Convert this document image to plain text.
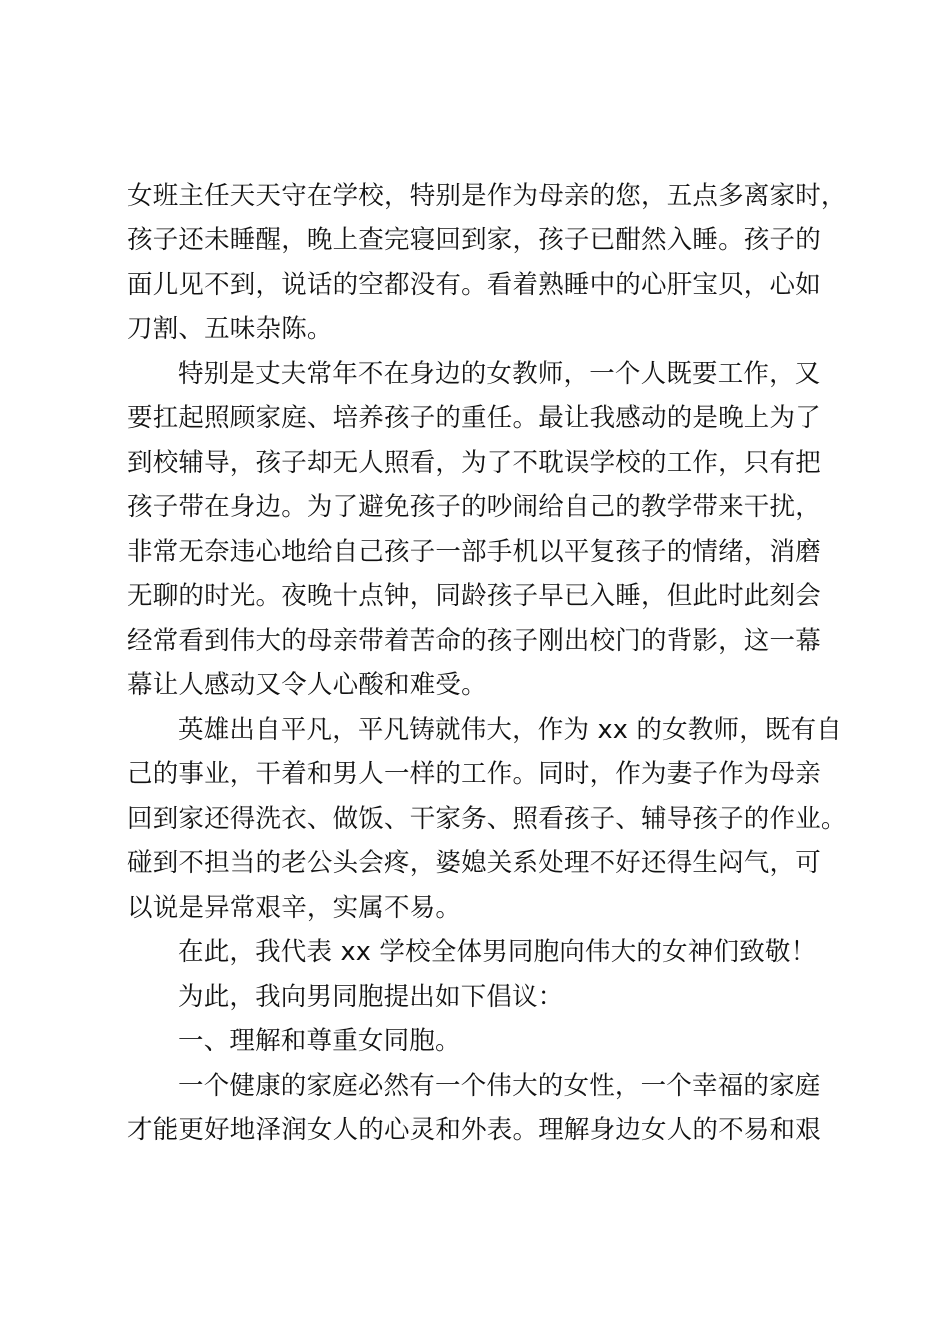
女班主任天天守在学校，特别是作为母亲的您，五点多离家时，
孩子还未睡醒，晚上查完寝回到家，孩子已酣然入睡。孩子的
面儿见不到，说话的空都没有。看着熟睡中的心肝宝贝，心如
刀割、五味杂陈。
特别是丈夫常年不在身边的女教师，一个人既要工作，又
要扛起照顾家庭、培养孩子的重任。最让我感动的是晚上为了
到校辅导，孩子却无人照看，为了不耽误学校的工作，只有把
孩子带在身边。为了避免孩子的吵闹给自己的教学带来干扰，
非常无奈违心地给自己孩子一部手机以平复孩子的情绪，消磨
无聊的时光。夜晚十点钟，同龄孩子早已入睡，但此时此刻会
经常看到伟大的母亲带着苦命的孩子刚出校门的背影，这一幕
幕让人感动又令人心酸和难受。
英雄出自平凡，平凡铸就伟大，作为 xx 的女教师，既有自
己的事业，干着和男人一样的工作。同时，作为妻子作为母亲
回到家还得洗衣、做饭、干家务、照看孩子、辅导孩子的作业。
碰到不担当的老公头会疼，婆媳关系处理不好还得生闷气，可
以说是异常艰辛，实属不易。
在此，我代表 xx 学校全体男同胞向伟大的女神们致敬！
为此，我向男同胞提出如下倡议：
一、理解和尊重女同胞。
一个健康的家庭必然有一个伟大的女性，一个幸福的家庭
才能更好地泽润女人的心灵和外表。理解身边女人的不易和艰
